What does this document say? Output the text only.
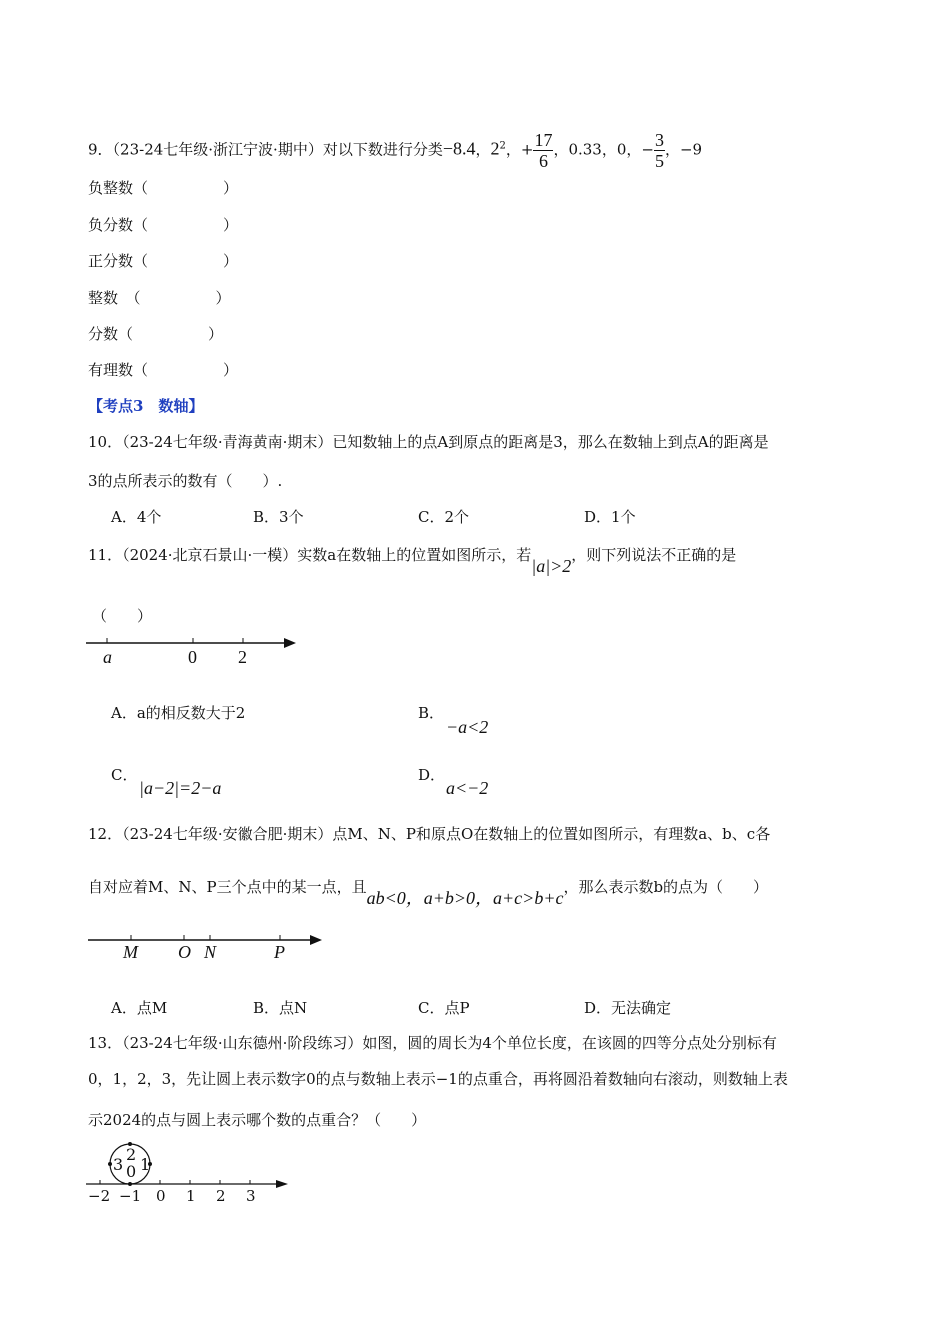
9．（23-24七年级·浙江宁波·期中）对以下数进行分类−8.4，$2^2$，+ $\frac{17}{6}$ ，0.33，0，− $\frac{3}{5}$ ，−9
负整数（　　　　　）
负分数（　　　　　）
正分数（　　　　　）
整数　（　　　　　）
分数（　　　　　）
有理数（　　　　　）
【考点3　数轴】
10．（23-24七年级·青海黄南·期末）已知数轴上的点A到原点的距离是3，那么在数轴上到点A的距离是
3的点所表示的数有（　　）.
A．4个	B．3个	C．2个	D．1个
11．（2024·北京石景山·一模）实数a在数轴上的位置如图所示，若|a|>2，则下列说法不正确的是
（　　）
a	0 2
A．a的相反数大于2	B．
−a<2
C．
|a−2|=2−a
D．
a<−2
12．（23-24七年级·安徽合肥·期末）点M、N、P和原点O在数轴上的位置如图所示，有理数a、b、c各
自对应着M、N、P三个点中的某一点，且ab<0，a+b>0，a+c>b+c，那么表示数b的点为（　　）
M O N	P
A．点M	B．点N	C．点P	D．无法确定
13．（23-24七年级·山东德州·阶段练习）如图，圆的周长为4个单位长度，在该圆的四等分点处分别标有
0，1，2，3，先让圆上表示数字0的点与数轴上表示−1的点重合，再将圆沿着数轴向右滚动，则数轴上表
示2024的点与圆上表示哪个数的点重合？（　　）
3
2
0 1
−2 −1 0 1 2 3
